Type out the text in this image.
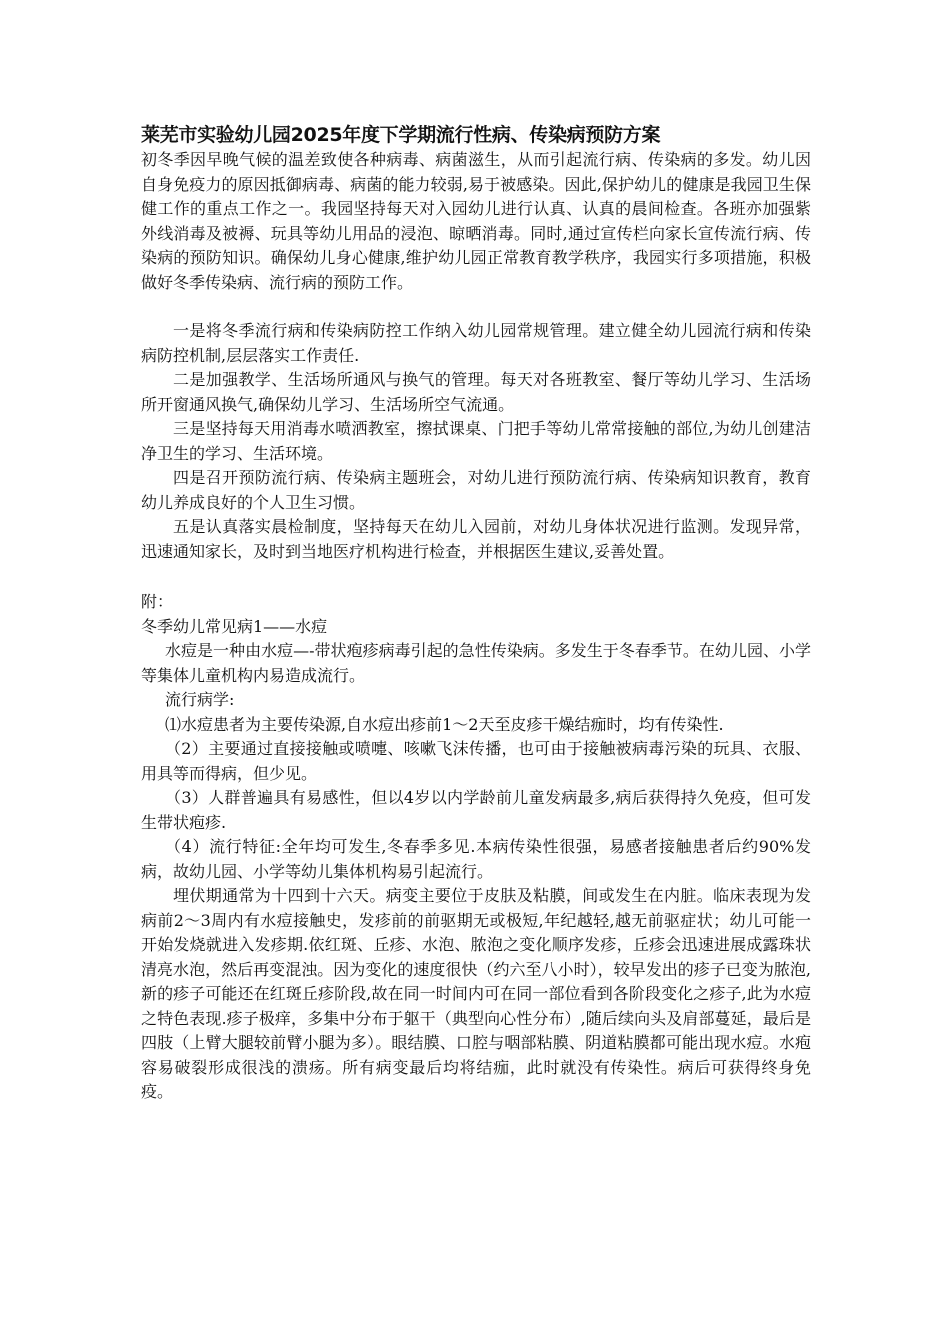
莱芜市实验幼儿园2025年度下学期流行性病、传染病预防方案

初冬季因早晚气候的温差致使各种病毒、病菌滋生，从而引起流行病、传染病的多发。幼儿因自身免疫力的原因抵御病毒、病菌的能力较弱,易于被感染。因此,保护幼儿的健康是我园卫生保健工作的重点工作之一。我园坚持每天对入园幼儿进行认真、认真的晨间检查。各班亦加强紫外线消毒及被褥、玩具等幼儿用品的浸泡、晾晒消毒。同时,通过宣传栏向家长宣传流行病、传染病的预防知识。确保幼儿身心健康,维护幼儿园正常教育教学秩序，我园实行多项措施，积极做好冬季传染病、流行病的预防工作。

一是将冬季流行病和传染病防控工作纳入幼儿园常规管理。建立健全幼儿园流行病和传染病防控机制,层层落实工作责任.

二是加强教学、生活场所通风与换气的管理。每天对各班教室、餐厅等幼儿学习、生活场所开窗通风换气,确保幼儿学习、生活场所空气流通。

三是坚持每天用消毒水喷洒教室，擦拭课桌、门把手等幼儿常常接触的部位,为幼儿创建洁净卫生的学习、生活环境。

四是召开预防流行病、传染病主题班会，对幼儿进行预防流行病、传染病知识教育，教育幼儿养成良好的个人卫生习惯。

五是认真落实晨检制度，坚持每天在幼儿入园前，对幼儿身体状况进行监测。发现异常，迅速通知家长，及时到当地医疗机构进行检查，并根据医生建议,妥善处置。

附：

冬季幼儿常见病1——水痘

水痘是一种由水痘—-带状疱疹病毒引起的急性传染病。多发生于冬春季节。在幼儿园、小学等集体儿童机构内易造成流行。

流行病学:

⑴水痘患者为主要传染源,自水痘出疹前1～2天至皮疹干燥结痂时，均有传染性.

（2）主要通过直接接触或喷嚏、咳嗽飞沫传播，也可由于接触被病毒污染的玩具、衣服、用具等而得病，但少见。

（3）人群普遍具有易感性，但以4岁以内学龄前儿童发病最多,病后获得持久免疫，但可发生带状疱疹.

（4）流行特征:全年均可发生,冬春季多见.本病传染性很强，易感者接触患者后约90%发病，故幼儿园、小学等幼儿集体机构易引起流行。

埋伏期通常为十四到十六天。病变主要位于皮肤及粘膜，间或发生在内脏。临床表现为发病前2～3周内有水痘接触史，发疹前的前驱期无或极短,年纪越轻,越无前驱症状；幼儿可能一开始发烧就进入发疹期.依红斑、丘疹、水泡、脓泡之变化顺序发疹，丘疹会迅速进展成露珠状清亮水泡，然后再变混浊。因为变化的速度很快（约六至八小时），较早发出的疹子已变为脓泡,新的疹子可能还在红斑丘疹阶段,故在同一时间内可在同一部位看到各阶段变化之疹子,此为水痘之特色表现.疹子极痒，多集中分布于躯干（典型向心性分布）,随后续向头及肩部蔓延，最后是四肢（上臂大腿较前臂小腿为多）。眼结膜、口腔与咽部粘膜、阴道粘膜都可能出现水痘。水疱容易破裂形成很浅的溃疡。所有病变最后均将结痂，此时就没有传染性。病后可获得终身免疫。
